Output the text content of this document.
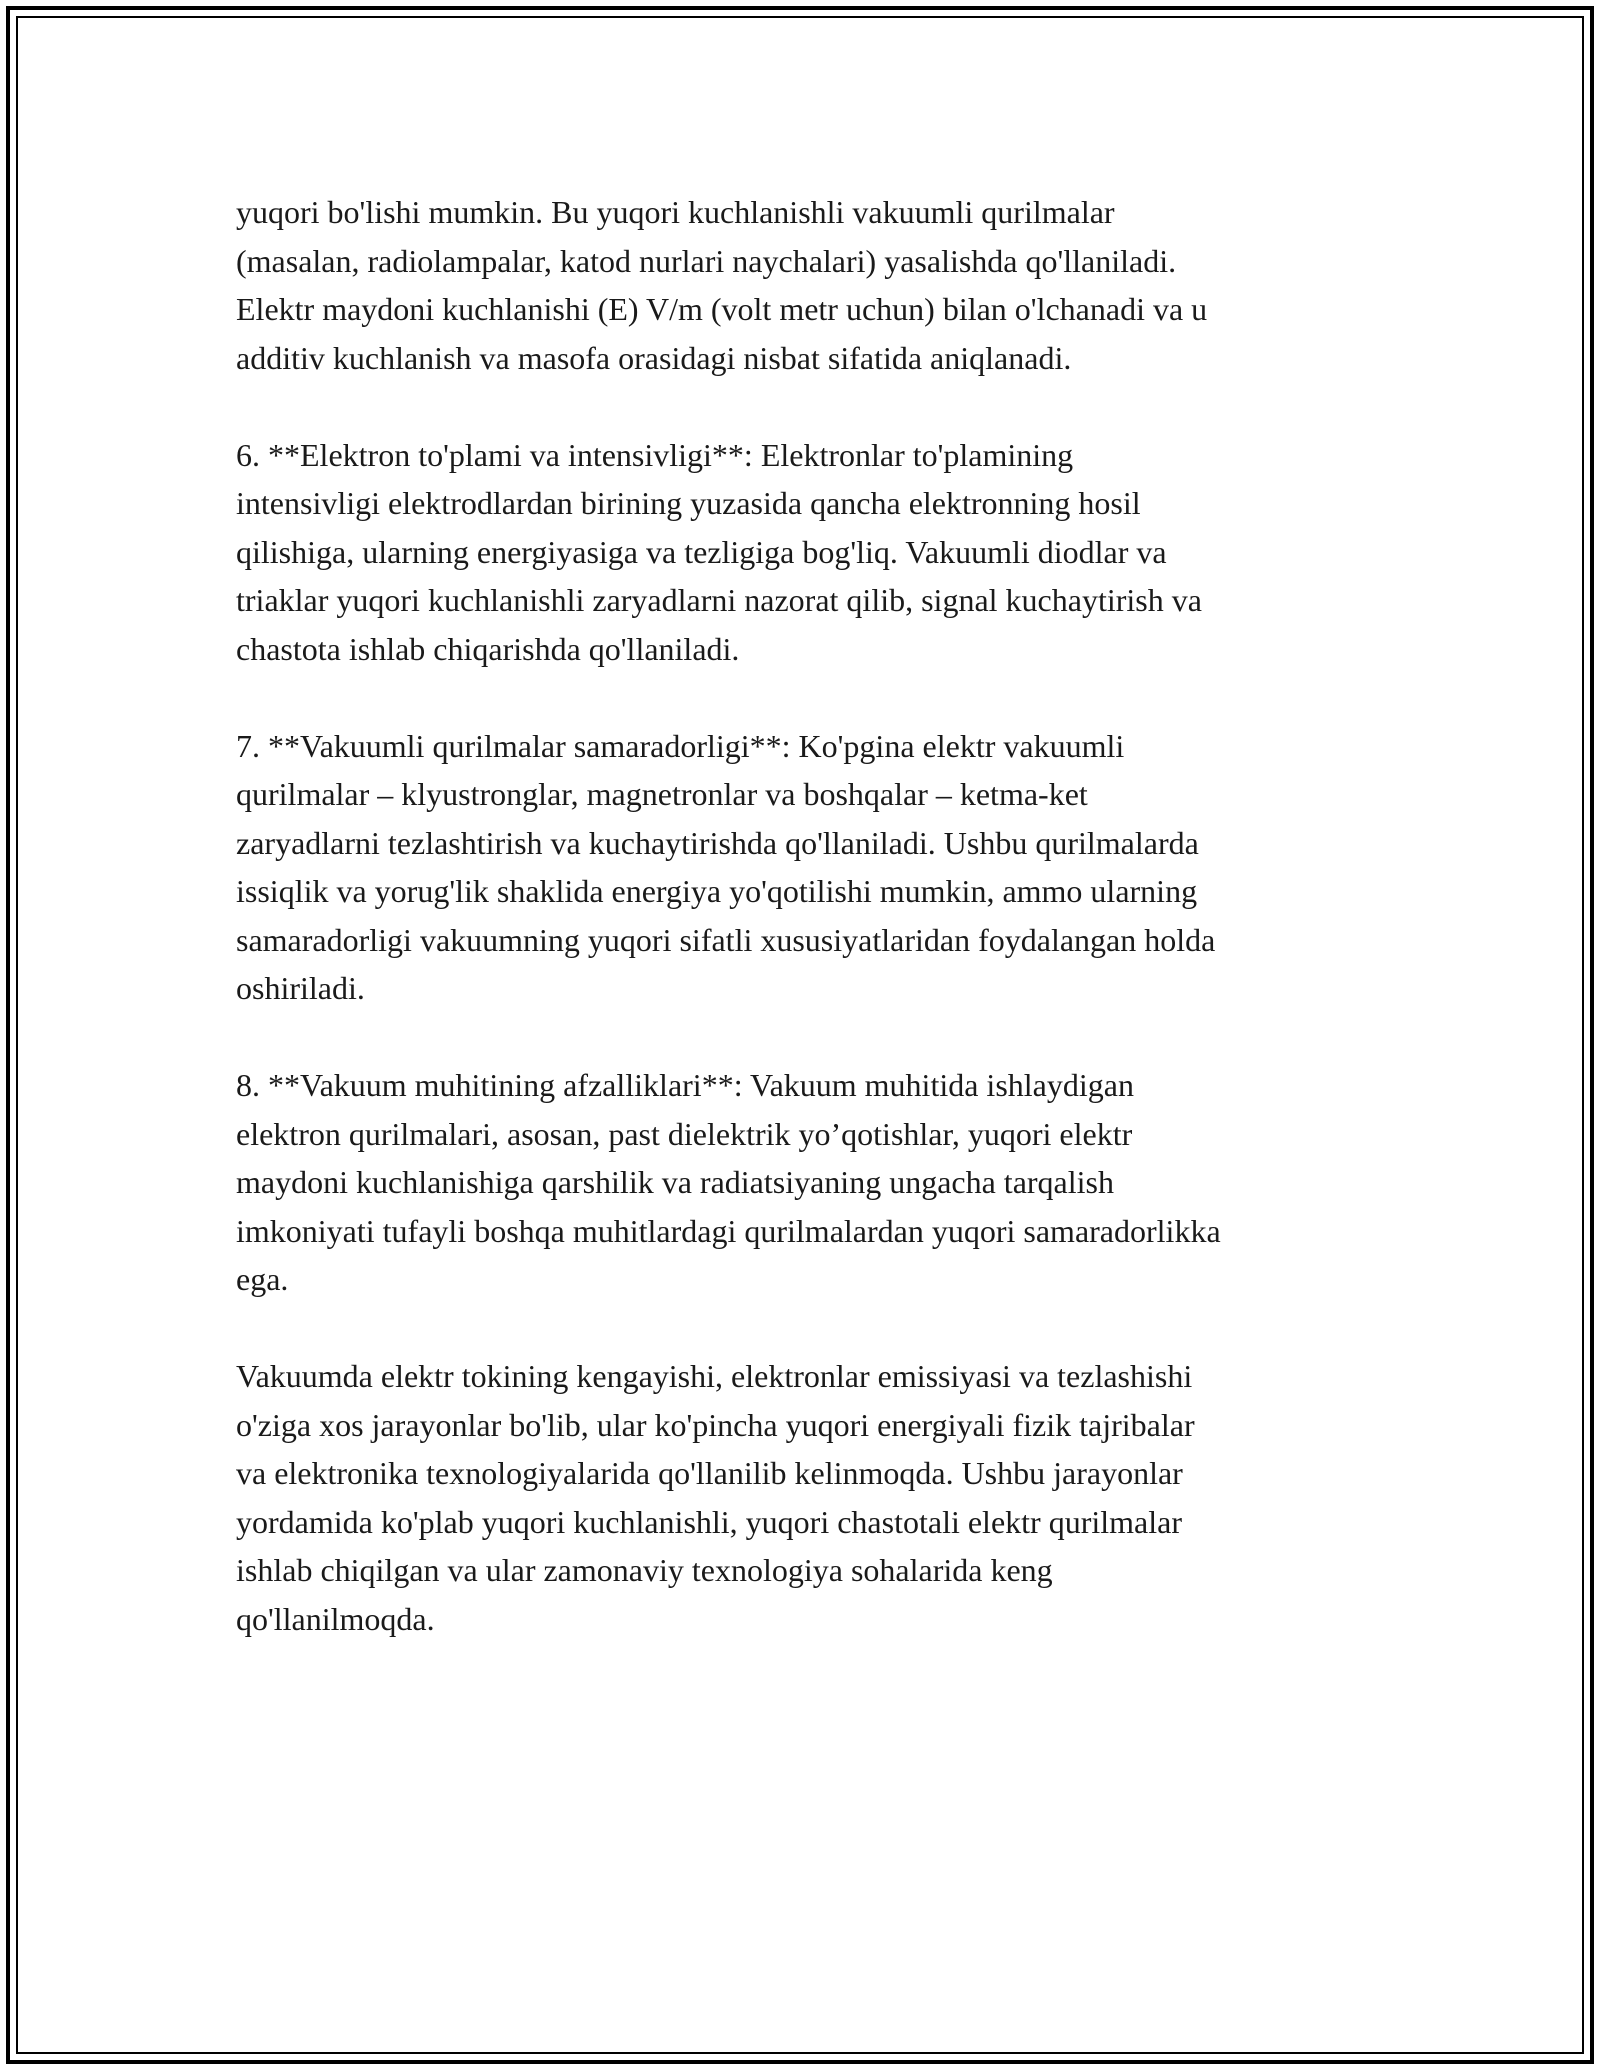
yuqori bo'lishi mumkin. Bu yuqori kuchlanishli vakuumli qurilmalar
(masalan, radiolampalar, katod nurlari naychalari) yasalishda qo'llaniladi.
Elektr maydoni kuchlanishi (E) V/m (volt metr uchun) bilan o'lchanadi va u
additiv kuchlanish va masofa orasidagi nisbat sifatida aniqlanadi.

6. **Elektron to'plami va intensivligi**: Elektronlar to'plamining
intensivligi elektrodlardan birining yuzasida qancha elektronning hosil
qilishiga, ularning energiyasiga va tezligiga bog'liq. Vakuumli diodlar va
triaklar yuqori kuchlanishli zaryadlarni nazorat qilib, signal kuchaytirish va
chastota ishlab chiqarishda qo'llaniladi.

7. **Vakuumli qurilmalar samaradorligi**: Ko'pgina elektr vakuumli
qurilmalar – klyustronglar, magnetronlar va boshqalar – ketma-ket
zaryadlarni tezlashtirish va kuchaytirishda qo'llaniladi. Ushbu qurilmalarda
issiqlik va yorug'lik shaklida energiya yo'qotilishi mumkin, ammo ularning
samaradorligi vakuumning yuqori sifatli xususiyatlaridan foydalangan holda
oshiriladi.

8. **Vakuum muhitining afzalliklari**: Vakuum muhitida ishlaydigan
elektron qurilmalari, asosan, past dielektrik yo’qotishlar, yuqori elektr
maydoni kuchlanishiga qarshilik va radiatsiyaning ungacha tarqalish
imkoniyati tufayli boshqa muhitlardagi qurilmalardan yuqori samaradorlikka
ega.

Vakuumda elektr tokining kengayishi, elektronlar emissiyasi va tezlashishi
o'ziga xos jarayonlar bo'lib, ular ko'pincha yuqori energiyali fizik tajribalar
va elektronika texnologiyalarida qo'llanilib kelinmoqda. Ushbu jarayonlar
yordamida ko'plab yuqori kuchlanishli, yuqori chastotali elektr qurilmalar
ishlab chiqilgan va ular zamonaviy texnologiya sohalarida keng
qo'llanilmoqda.
